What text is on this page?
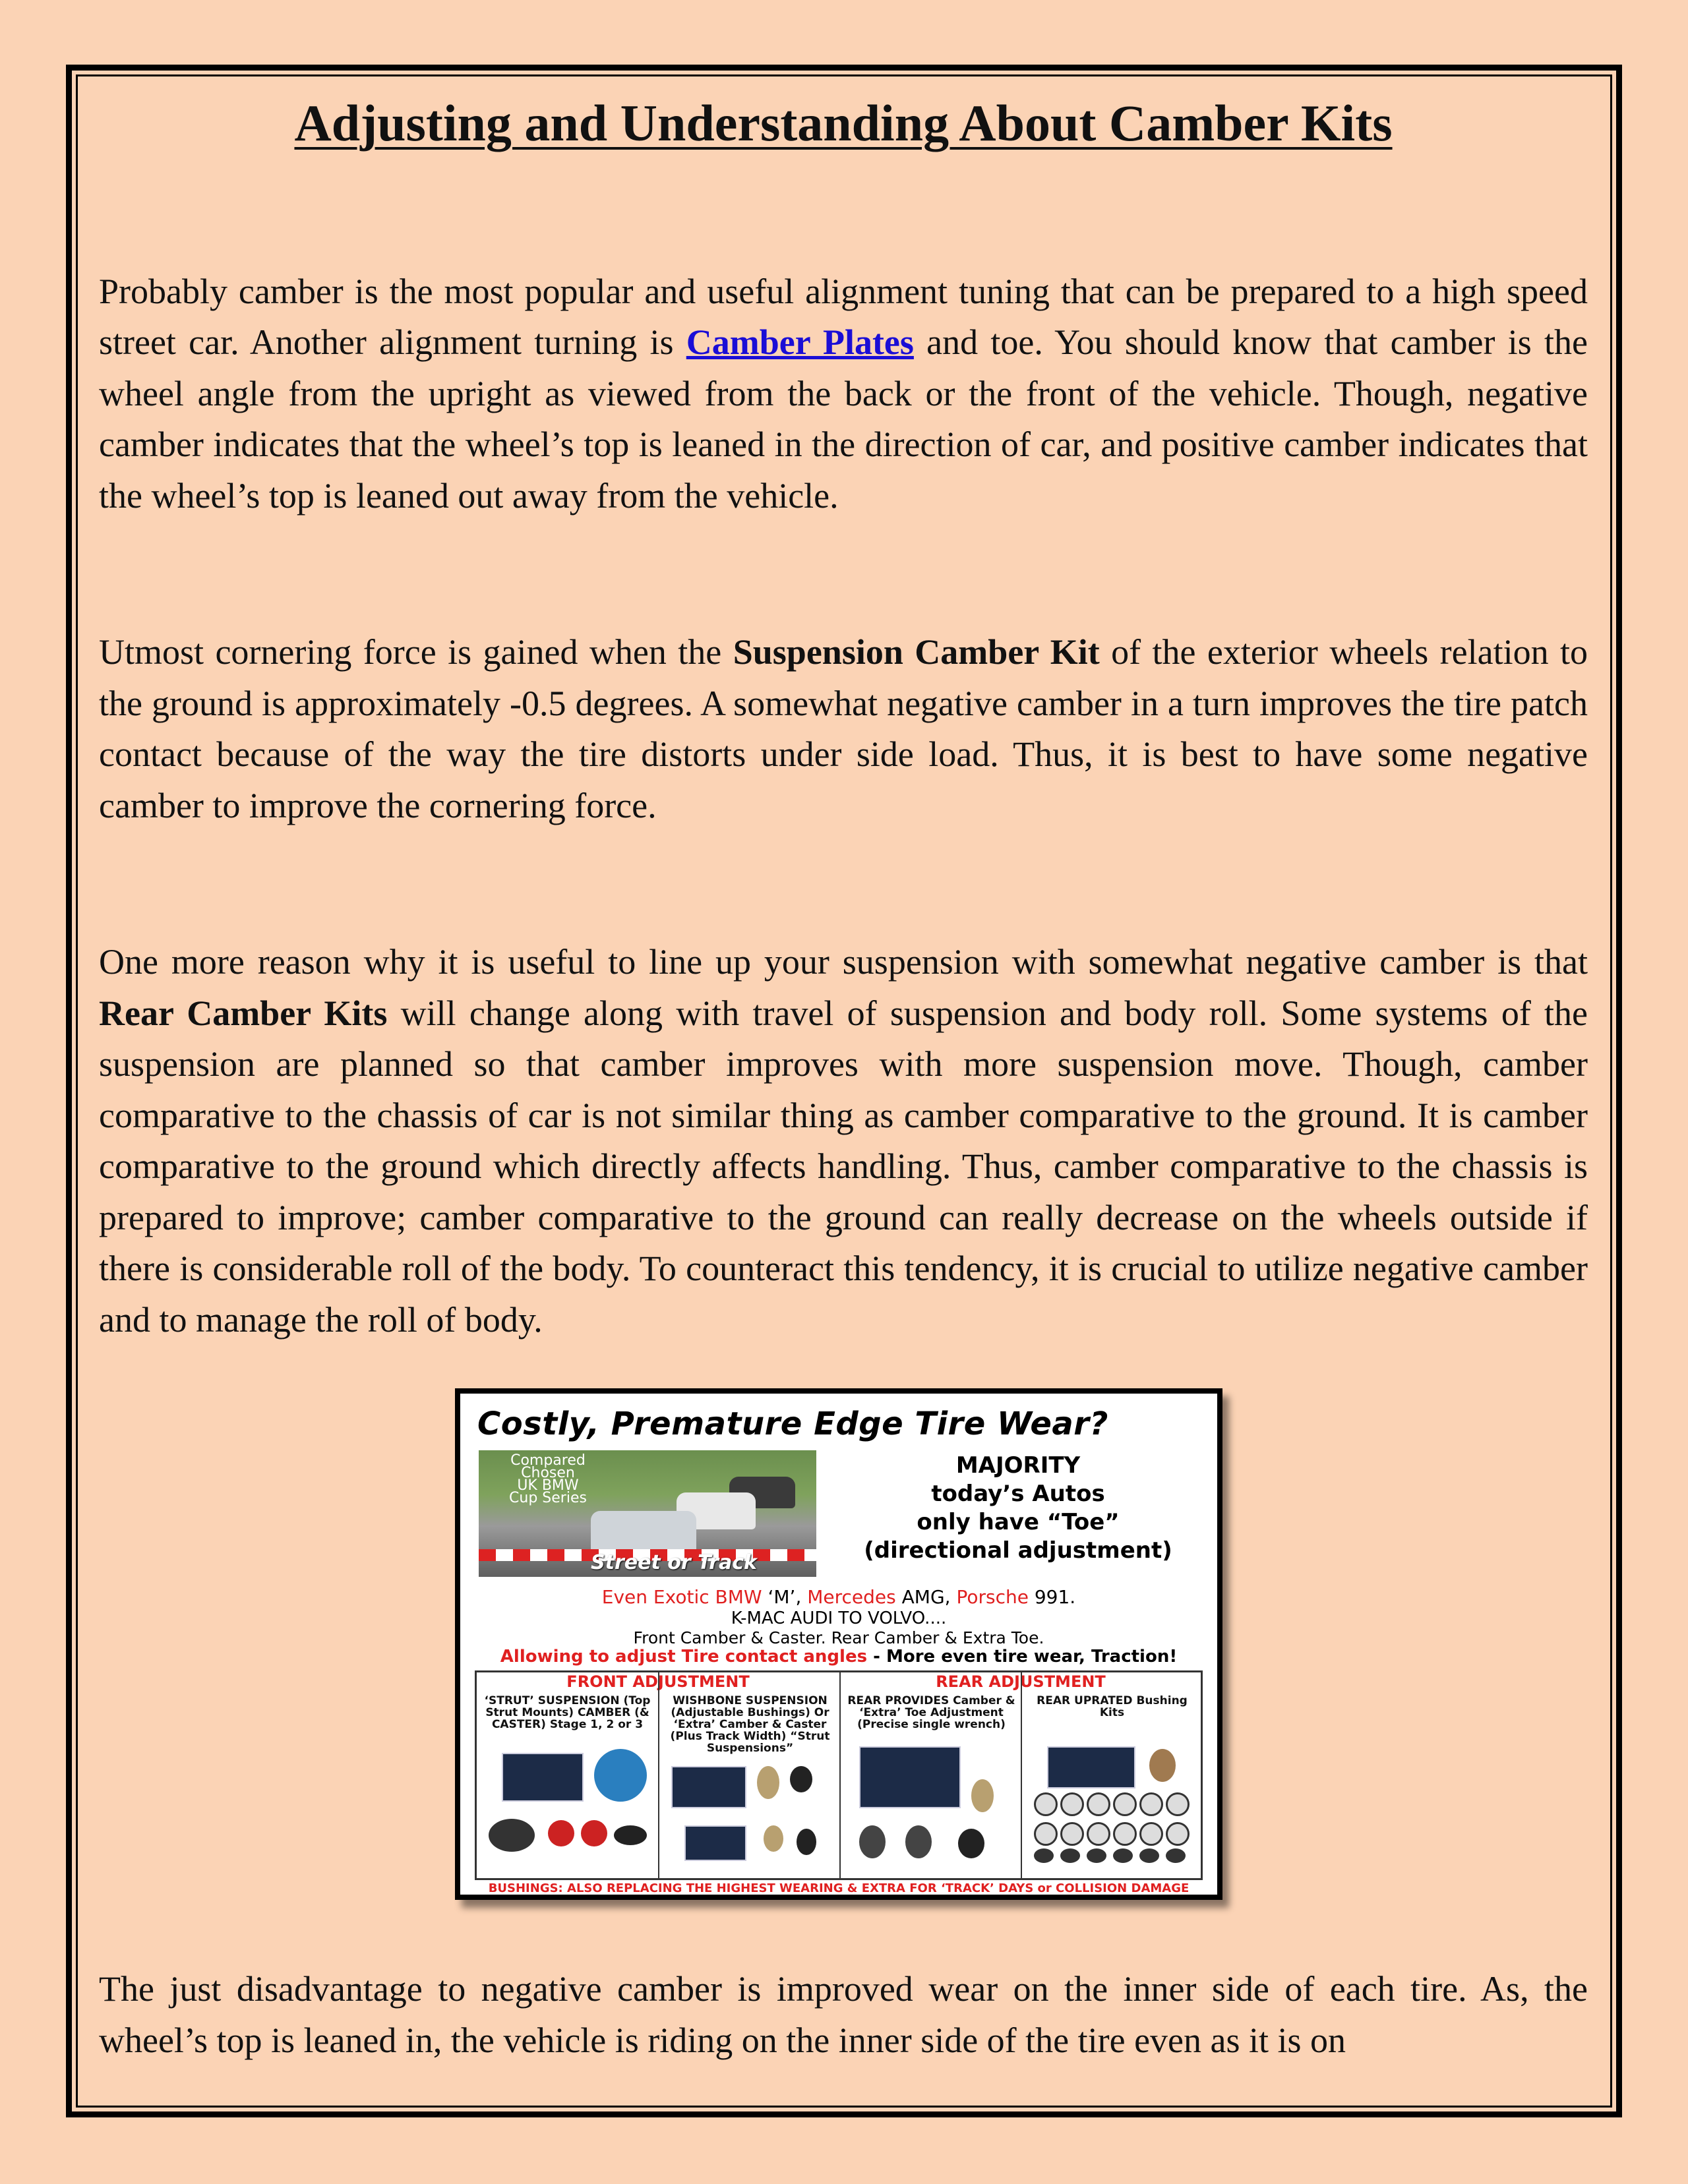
Adjusting and Understanding About Camber Kits

Probably camber is the most popular and useful alignment tuning that can be prepared to a high speed street car. Another alignment turning is Camber Plates and toe. You should know that camber is the wheel angle from the upright as viewed from the back or the front of the vehicle. Though, negative camber indicates that the wheel’s top is leaned in the direction of car, and positive camber indicates that the wheel’s top is leaned out away from the vehicle.

Utmost cornering force is gained when the Suspension Camber Kit of the exterior wheels relation to the ground is approximately -0.5 degrees. A somewhat negative camber in a turn improves the tire patch contact because of the way the tire distorts under side load. Thus, it is best to have some negative camber to improve the cornering force.

One more reason why it is useful to line up your suspension with somewhat negative camber is that Rear Camber Kits will change along with travel of suspension and body roll. Some systems of the suspension are planned so that camber improves with more suspension move. Though, camber comparative to the chassis of car is not similar thing as camber comparative to the ground. It is camber comparative to the ground which directly affects handling. Thus, camber comparative to the chassis is prepared to improve; camber comparative to the ground can really decrease on the wheels outside if there is considerable roll of the body. To counteract this tendency, it is crucial to utilize negative camber and to manage the roll of body.

Costly, Premature Edge Tire Wear?
Compared
Chosen
UK BMW
Cup Series
Street or Track
MAJORITY
today’s Autos
only have “Toe”
(directional adjustment)
Even Exotic BMW ‘M’, Mercedes AMG, Porsche 991.
K-MAC AUDI TO VOLVO....
Front Camber & Caster. Rear Camber & Extra Toe.
Allowing to adjust Tire contact angles - More even tire wear, Traction!
FRONT ADJUSTMENT	REAR ADJUSTMENT
‘STRUT’ SUSPENSION (Top Strut Mounts) CAMBER (& CASTER) Stage 1, 2 or 3
WISHBONE SUSPENSION (Adjustable Bushings) Or ‘Extra’ Camber & Caster (Plus Track Width) “Strut Suspensions”
REAR PROVIDES Camber & ‘Extra’ Toe Adjustment (Precise single wrench)
REAR UPRATED Bushing Kits
BUSHINGS: ALSO REPLACING THE HIGHEST WEARING & EXTRA FOR ‘TRACK’ DAYS or COLLISION DAMAGE

The just disadvantage to negative camber is improved wear on the inner side of each tire. As, the wheel’s top is leaned in, the vehicle is riding on the inner side of the tire even as it is on
